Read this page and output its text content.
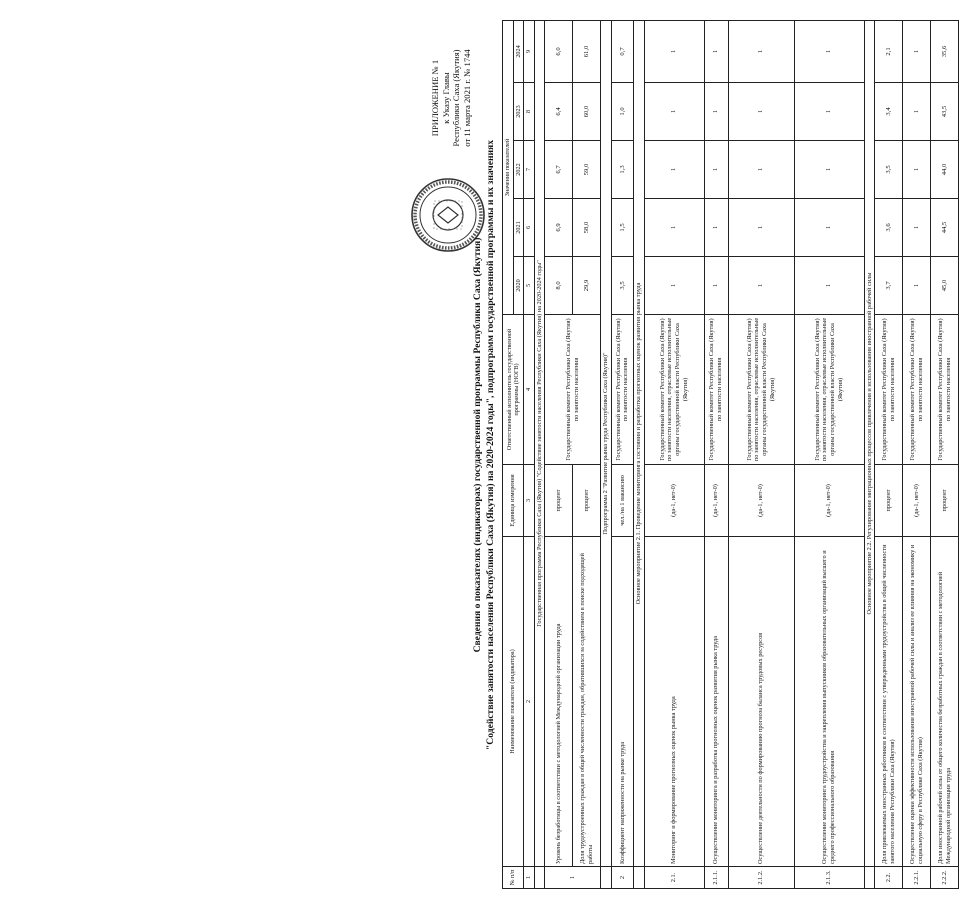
ПРИЛОЖЕНИЕ № 1 к Указу Главы Республики Саха (Якутия) от 11 марта 2021 г. № 1744
Сведения о показателях (индикаторах) государственной программы Республики Саха (Якутия) "Содействие занятости населения Республики Саха (Якутия) на 2020-2024 годы", подпрограмм государственной программы и их значениях
№ п/п	Наименование показателя (индикатора)	Единица измерения	Ответственный исполнитель государственной программы (НОГВ)	Значения показателей				
				2020	2021	2022	2023	2024
1	2	3	4	5	6	7	8	9
	Государственная программа Республики Саха (Якутия) "Содействие занятости населения Республики Саха (Якутия) на 2020-2024 годы"							
1	Уровень безработицы в соответствии с методологией Международной организации труда	процент	Государственный комитет Республики Саха (Якутия) по занятости населения	8,0	6,9	6,7	6,4	6,0
	Доля трудоустроенных граждан в общей численности граждан, обратившихся за содействием в поиске подходящей работы	процент		29,9	58,0	59,0	60,0	61,0
	Подпрограмма 2 "Развитие рынка труда Республики Саха (Якутия)"							
2	Коэффициент напряженности на рынке труда	чел./на 1 вакансию	Государственный комитет Республики Саха (Якутия) по занятости населения	3,5	1,5	1,3	1,0	0,7
	Основное мероприятие 2.1. Проведение мониторинга состояния и разработка прогнозных оценок развития рынка труда							
2.1.	Мониторинг и формирование прогнозных оценок рынка труда	(да-1, нет-0)	Государственный комитет Республики Саха (Якутия) по занятости населения, отраслевые исполнительные органы государственной власти Республики Саха (Якутия)	1	1	1	1	1
2.1.1.	Осуществление мониторинга и разработка прогнозных оценок развития рынка труда	(да-1, нет-0)	Государственный комитет Республики Саха (Якутия) по занятости населения	1	1	1	1	1
2.1.2.	Осуществление деятельности по формированию прогноза баланса трудовых ресурсов	(да-1, нет-0)	Государственный комитет Республики Саха (Якутия) по занятости населения, отраслевые исполнительные органы государственной власти Республики Саха (Якутия)	1	1	1	1	1
2.1.3.	Осуществление мониторинга трудоустройства и закрепления выпускников образовательных организаций высшего и среднего профессионального образования	(да-1, нет-0)	Государственный комитет Республики Саха (Якутия) по занятости населения, отраслевые исполнительные органы государственной власти Республики Саха (Якутия)	1	1	1	1	1
	Основное мероприятие 2.2. Регулирование миграционных процессов привлечения и использования иностранной рабочей силы							
2.2.	Доля привлекаемых иностранных работников в соответствии с утвержденными трудоустройства в общей численности занятого населения Республики Саха (Якутия)	процент	Государственный комитет Республики Саха (Якутия) по занятости населения	3,7	3,6	3,5	3,4	2,1
2.2.1.	Осуществление оценки эффективности использования иностранной рабочей силы и анализ ее влияния на экономику и социальную сферу в Республике Саха (Якутия)	(да-1, нет-0)	Государственный комитет Республики Саха (Якутия) по занятости населения	1	1	1	1	1
2.2.2.	Доля иностранной рабочей силы от общего количества безработных граждан в соответствии с методологией Международной организации труда	процент	Государственный комитет Республики Саха (Якутия) по занятости населения	45,0	44,5	44,0	43,5	35,6
